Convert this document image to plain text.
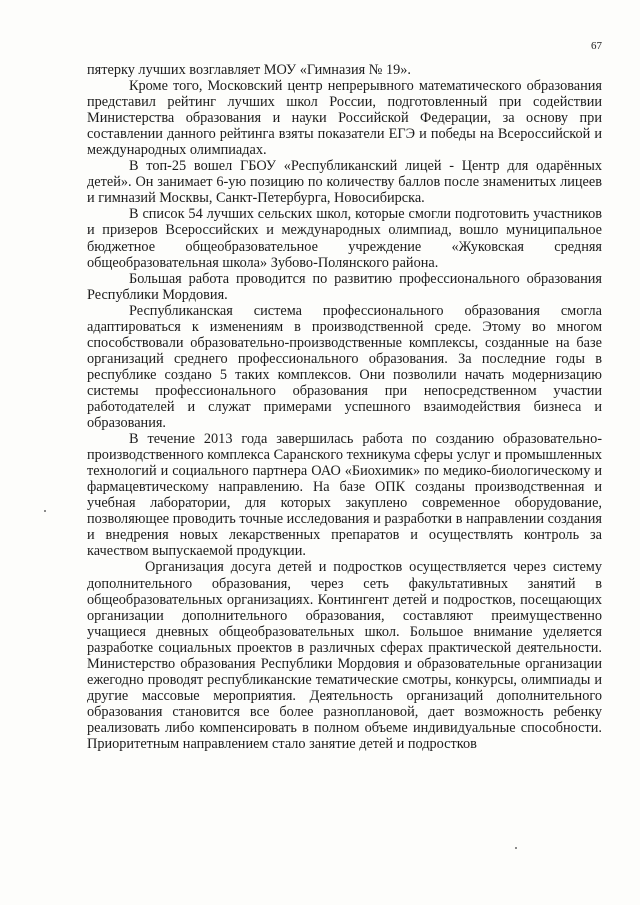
67

пятерку лучших возглавляет МОУ «Гимназия № 19».

Кроме того, Московский центр непрерывного математического образования представил рейтинг лучших школ России, подготовленный при содействии Министерства образования и науки Российской Федерации, за основу при составлении данного рейтинга взяты показатели ЕГЭ и победы на Всероссийской и международных олимпиадах.

В топ-25 вошел ГБОУ «Республиканский лицей - Центр для одарённых детей». Он занимает 6-ую позицию по количеству баллов после знаменитых лицеев и гимназий Москвы, Санкт-Петербурга, Новосибирска.

В список 54 лучших сельских школ, которые смогли подготовить участников и призеров Всероссийских и международных олимпиад, вошло муниципальное бюджетное общеобразовательное учреждение «Жуковская средняя общеобразовательная школа» Зубово-Полянского района.

Большая работа проводится по развитию профессионального образования Республики Мордовия.

Республиканская система профессионального образования смогла адаптироваться к изменениям в производственной среде. Этому во многом способствовали образовательно-производственные комплексы, созданные на базе организаций среднего профессионального образования. За последние годы в республике создано 5 таких комплексов. Они позволили начать модернизацию системы профессионального образования при непосредственном участии работодателей и служат примерами успешного взаимодействия бизнеса и образования.

В течение 2013 года завершилась работа по созданию образовательно-производственного комплекса Саранского техникума сферы услуг и промышленных технологий и социального партнера ОАО «Биохимик» по медико-биологическому и фармацевтическому направлению. На базе ОПК созданы производственная и учебная лаборатории, для которых закуплено современное оборудование, позволяющее проводить точные исследования и разработки в направлении создания и внедрения новых лекарственных препаратов и осуществлять контроль за качеством выпускаемой продукции.

Организация досуга детей и подростков осуществляется через систему дополнительного образования, через сеть факультативных занятий в общеобразовательных организациях. Контингент детей и подростков, посещающих организации дополнительного образования, составляют преимущественно учащиеся дневных общеобразовательных школ. Большое внимание уделяется разработке социальных проектов в различных сферах практической деятельности. Министерство образования Республики Мордовия и образовательные организации ежегодно проводят республиканские тематические смотры, конкурсы, олимпиады и другие массовые мероприятия. Деятельность организаций дополнительного образования становится все более разноплановой, дает возможность ребенку реализовать либо компенсировать в полном объеме индивидуальные способности. Приоритетным направлением стало занятие детей и подростков
